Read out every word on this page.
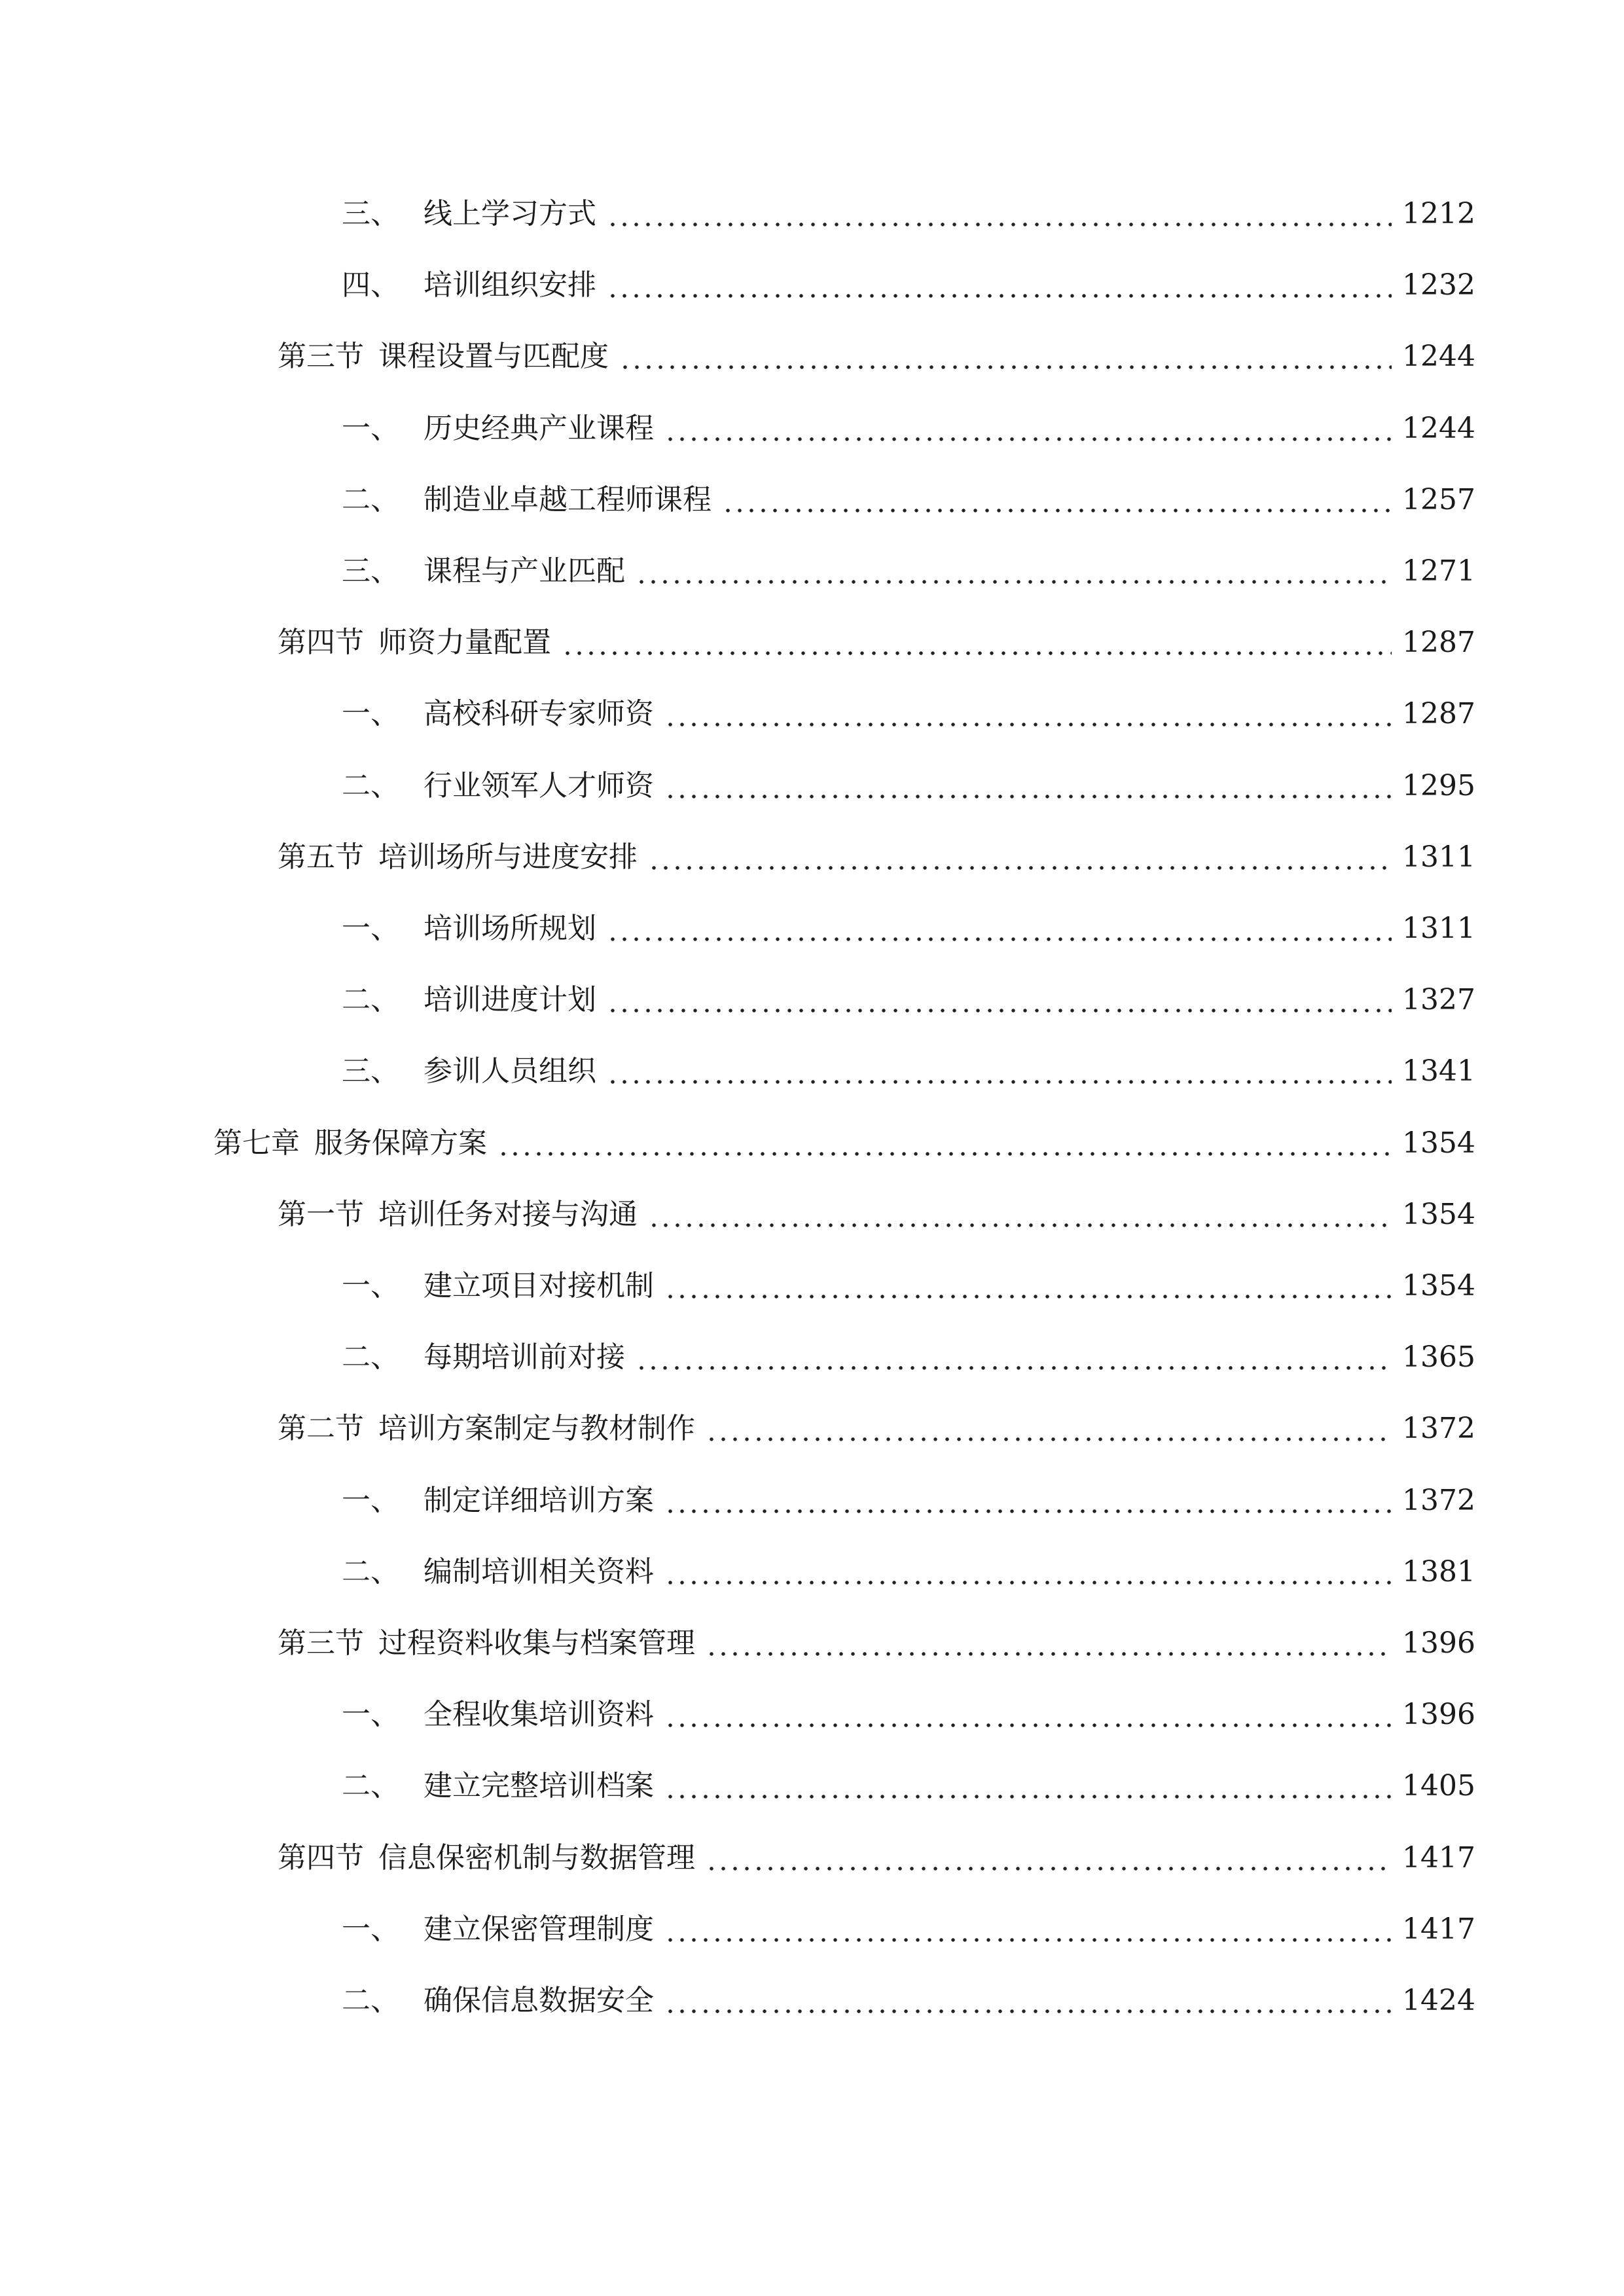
三、 线上学习方式	1212
四、 培训组织安排	1232
第三节 课程设置与匹配度	1244
一、 历史经典产业课程	1244
二、 制造业卓越工程师课程	1257
三、 课程与产业匹配	1271
第四节 师资力量配置	1287
一、 高校科研专家师资	1287
二、 行业领军人才师资	1295
第五节 培训场所与进度安排	1311
一、 培训场所规划	1311
二、 培训进度计划	1327
三、 参训人员组织	1341
第七章 服务保障方案	1354
第一节 培训任务对接与沟通	1354
一、 建立项目对接机制	1354
二、 每期培训前对接	1365
第二节 培训方案制定与教材制作	1372
一、 制定详细培训方案	1372
二、 编制培训相关资料	1381
第三节 过程资料收集与档案管理	1396
一、 全程收集培训资料	1396
二、 建立完整培训档案	1405
第四节 信息保密机制与数据管理	1417
一、 建立保密管理制度	1417
二、 确保信息数据安全	1424
